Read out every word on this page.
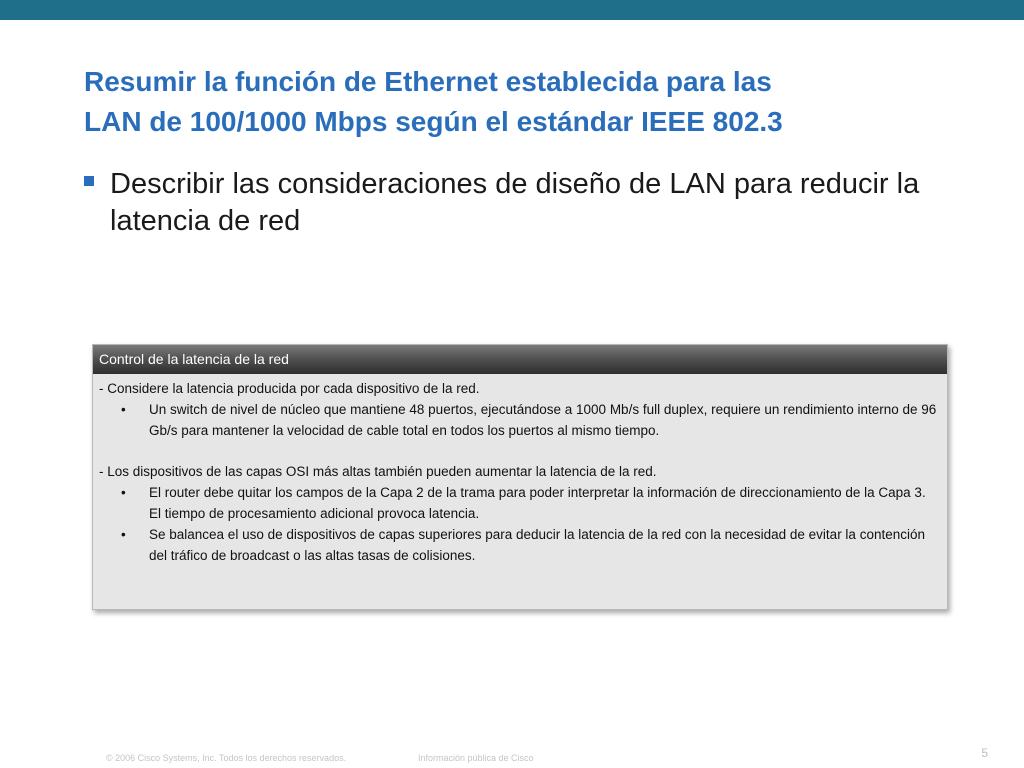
Resumir la función de Ethernet establecida para las
LAN de 100/1000 Mbps según el estándar IEEE 802.3
Describir las consideraciones de diseño de LAN para reducir la latencia de red
Control de la latencia de la red
- Considere la latencia producida por cada dispositivo de la red.
•	Un switch de nivel de núcleo que mantiene 48 puertos, ejecutándose a 1000 Mb/s full duplex, requiere un rendimiento interno de 96 Gb/s para mantener la velocidad de cable total en todos los puertos al mismo tiempo.
- Los dispositivos de las capas OSI más altas también pueden aumentar la latencia de la red.
•	El router debe quitar los campos de la Capa 2 de la trama para poder interpretar la información de direccionamiento de la Capa 3. El tiempo de procesamiento adicional provoca latencia.
•	Se balancea el uso de dispositivos de capas superiores para deducir la latencia de la red con la necesidad de evitar la contención del tráfico de broadcast o las altas tasas de colisiones.
© 2006 Cisco Systems, Inc. Todos los derechos reservados.	Información pública de Cisco	5
